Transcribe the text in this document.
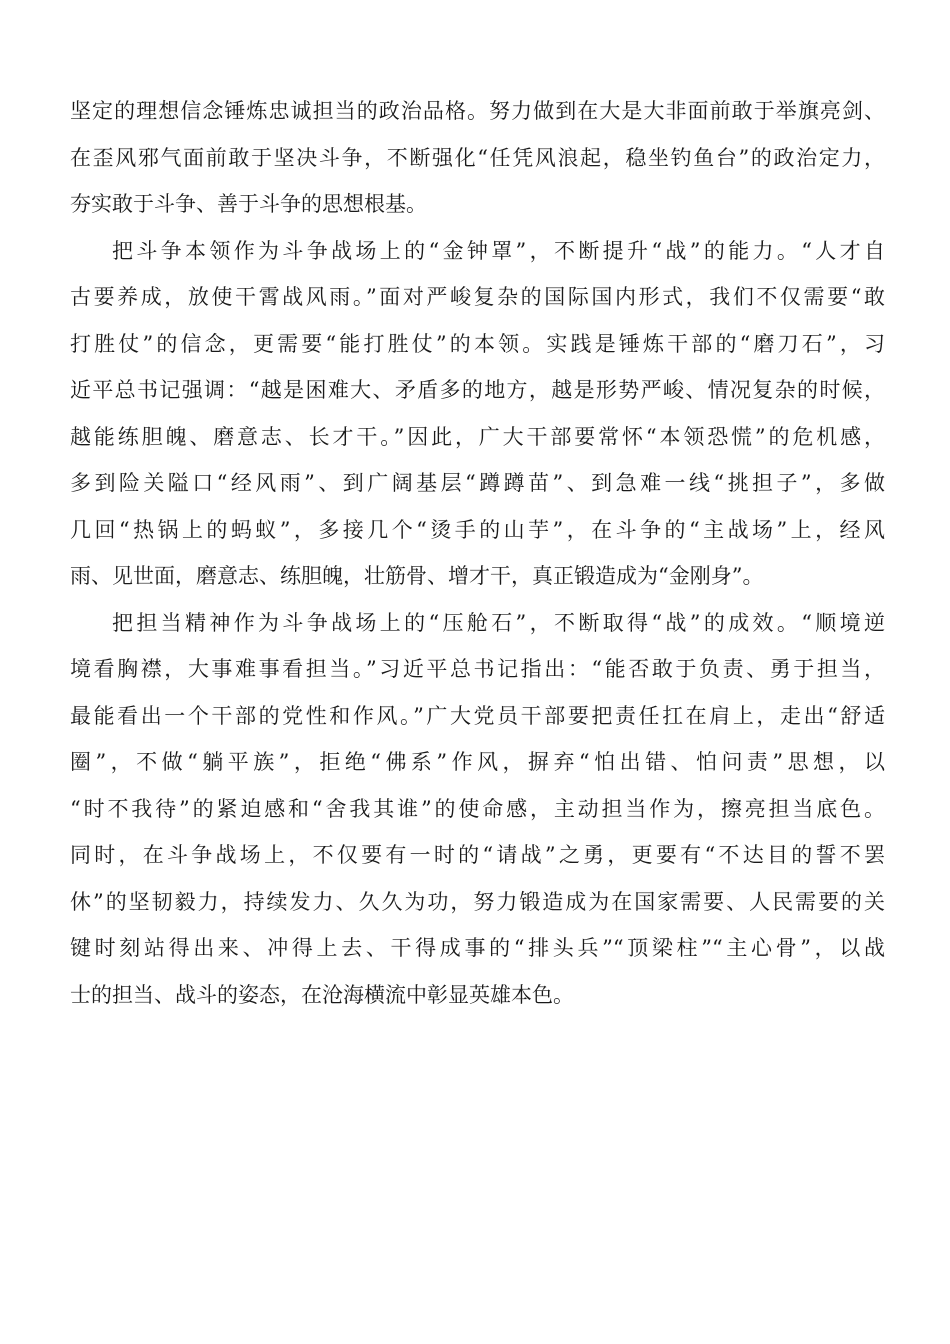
坚定的理想信念锤炼忠诚担当的政治品格。努力做到在大是大非面前敢于举旗亮剑、
在歪风邪气面前敢于坚决斗争，不断强化“任凭风浪起，稳坐钓鱼台”的政治定力，
夯实敢于斗争、善于斗争的思想根基。
把斗争本领作为斗争战场上的“金钟罩”，不断提升“战”的能力。“人才自
古要养成，放使干霄战风雨。”面对严峻复杂的国际国内形式，我们不仅需要“敢
打胜仗”的信念，更需要“能打胜仗”的本领。实践是锤炼干部的“磨刀石”，习
近平总书记强调：“越是困难大、矛盾多的地方，越是形势严峻、情况复杂的时候，
越能练胆魄、磨意志、长才干。”因此，广大干部要常怀“本领恐慌”的危机感，
多到险关隘口“经风雨”、到广阔基层“蹲蹲苗”、到急难一线“挑担子”，多做
几回“热锅上的蚂蚁”，多接几个“烫手的山芋”，在斗争的“主战场”上，经风
雨、见世面，磨意志、练胆魄，壮筋骨、增才干，真正锻造成为“金刚身”。
把担当精神作为斗争战场上的“压舱石”，不断取得“战”的成效。“顺境逆
境看胸襟，大事难事看担当。”习近平总书记指出：“能否敢于负责、勇于担当，
最能看出一个干部的党性和作风。”广大党员干部要把责任扛在肩上，走出“舒适
圈”，不做“躺平族”，拒绝“佛系”作风，摒弃“怕出错、怕问责”思想，以
“时不我待”的紧迫感和“舍我其谁”的使命感，主动担当作为，擦亮担当底色。
同时，在斗争战场上，不仅要有一时的“请战”之勇，更要有“不达目的誓不罢
休”的坚韧毅力，持续发力、久久为功，努力锻造成为在国家需要、人民需要的关
键时刻站得出来、冲得上去、干得成事的“排头兵”“顶梁柱”“主心骨”，以战
士的担当、战斗的姿态，在沧海横流中彰显英雄本色。
